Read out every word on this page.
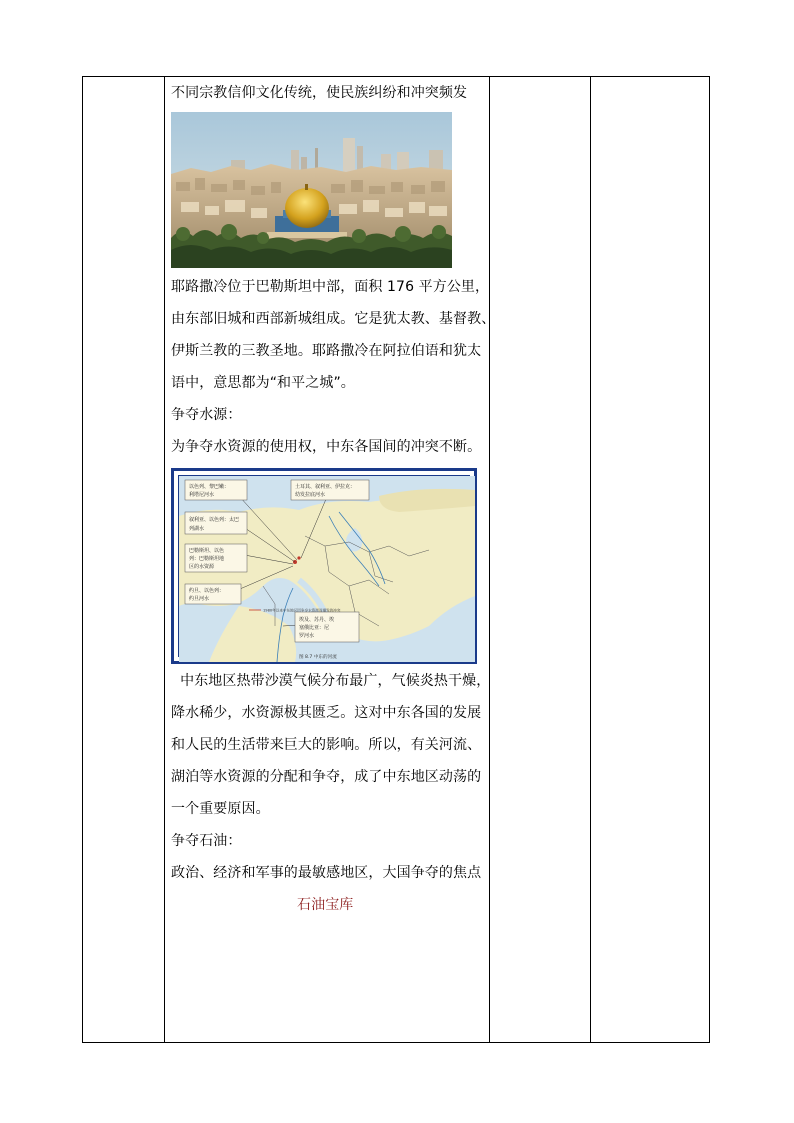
不同宗教信仰文化传统，使民族纠纷和冲突频发
耶路撒冷位于巴勒斯坦中部，面积 176 平方公里，
由东部旧城和西部新城组成。它是犹太教、基督教、
伊斯兰教的三教圣地。耶路撒冷在阿拉伯语和犹太
语中，意思都为“和平之城”。
争夺水源：
为争夺水资源的使用权，中东各国间的冲突不断。
以色列、黎巴嫩：
利塔尼河水
土耳其、叙利亚、伊拉克：
幼发拉底河水
叙利亚、以色列：太巴
列湖水
巴勒斯坦、以色
列：巴勒斯坦地
区的水资源
约旦、以色列：
约旦河水
埃及、苏丹、埃
塞俄比亚：尼
罗河水
1980年以来中东地区因争夺水资源而爆发的冲突
图 8.7 中东的河流
中东地区热带沙漠气候分布最广，气候炎热干燥，
降水稀少，水资源极其匮乏。这对中东各国的发展
和人民的生活带来巨大的影响。所以，有关河流、
湖泊等水资源的分配和争夺，成了中东地区动荡的
一个重要原因。
争夺石油：
政治、经济和军事的最敏感地区，大国争夺的焦点
石油宝库
